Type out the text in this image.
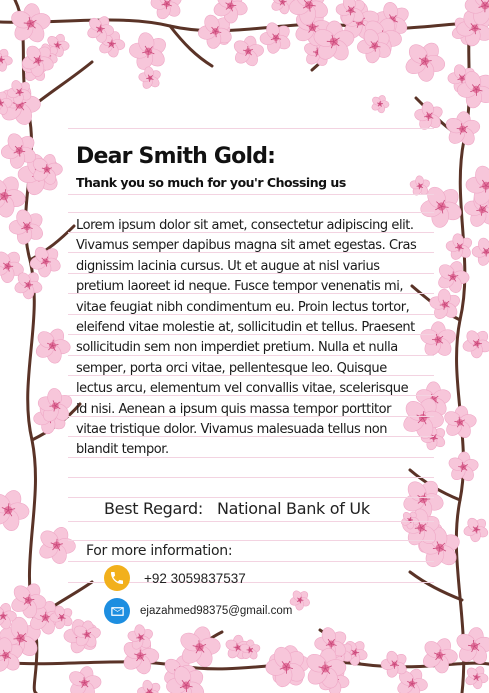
Dear Smith Gold:

Thank you so much for you'r Chossing us

Lorem ipsum dolor sit amet, consectetur adipiscing elit. Vivamus semper dapibus magna sit amet egestas. Cras dignissim lacinia cursus. Ut et augue at nisl varius pretium laoreet id neque. Fusce tempor venenatis mi, vitae feugiat nibh condimentum eu. Proin lectus tortor, eleifend vitae molestie at, sollicitudin et tellus. Praesent sollicitudin sem non imperdiet pretium. Nulla et nulla semper, porta orci vitae, pellentesque leo. Quisque lectus arcu, elementum vel convallis vitae, scelerisque id nisi. Aenean a ipsum quis massa tempor porttitor vitae tristique dolor. Vivamus malesuada tellus non blandit tempor.

Best Regard: National Bank of Uk
For more information:
+92 3059837537
ejazahmed98375@gmail.com
